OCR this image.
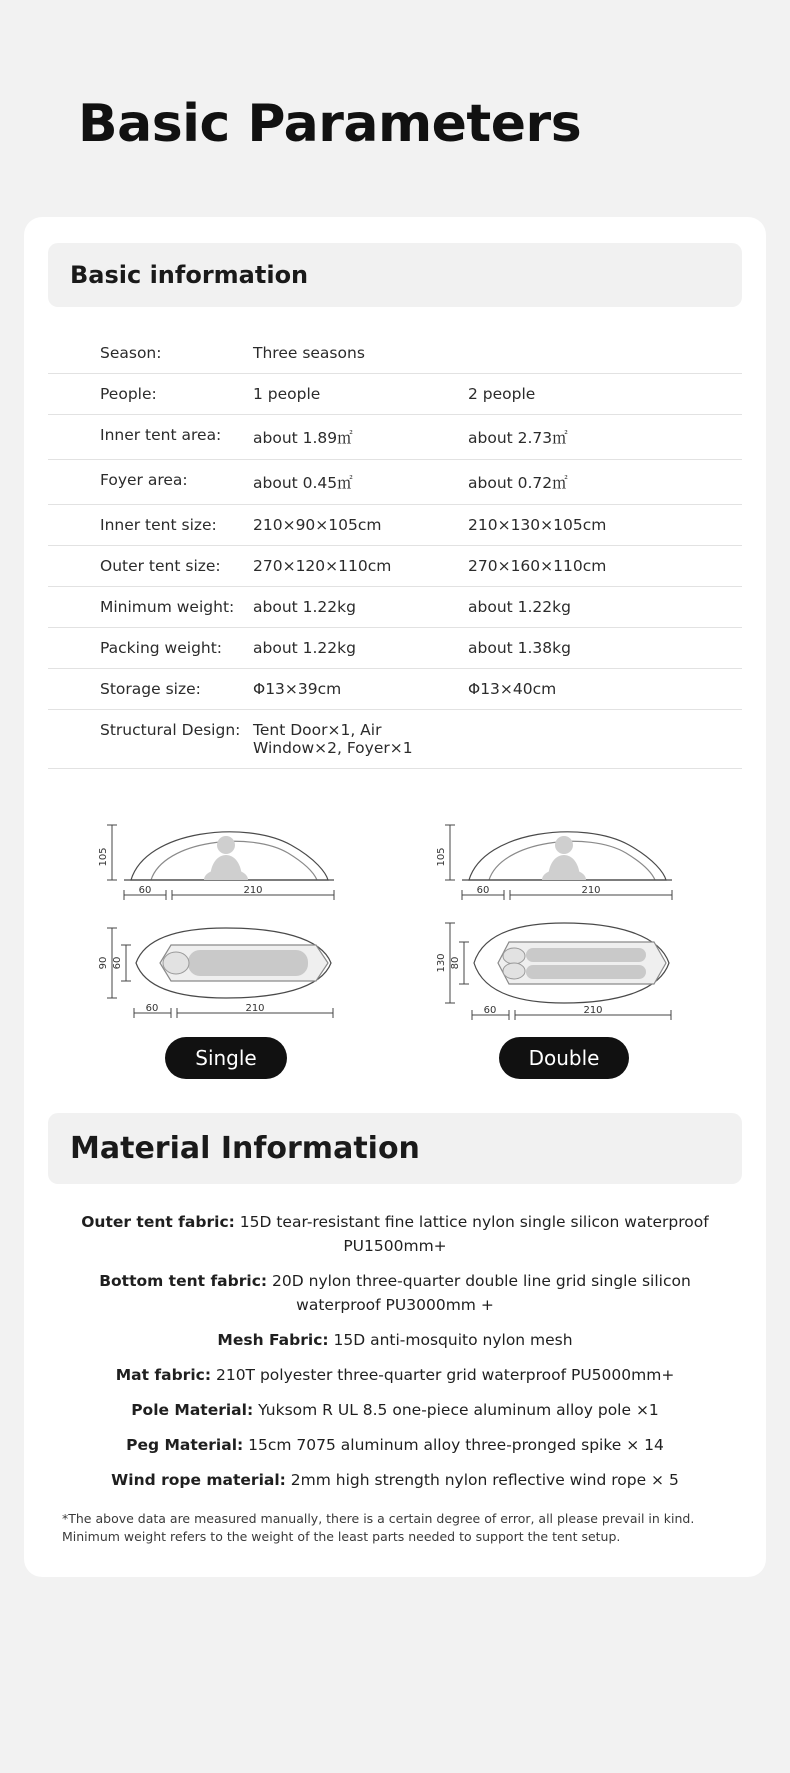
Basic Parameters
Basic information
Season:	Three seasons	
People:	1 people	2 people
Inner tent area:	about 1.89㎡	about 2.73㎡
Foyer area:	about 0.45㎡	about 0.72㎡
Inner tent size:	210×90×105cm	210×130×105cm
Outer tent size:	270×120×110cm	270×160×110cm
Minimum weight:	about 1.22kg	about 1.22kg
Packing weight:	about 1.22kg	about 1.38kg
Storage size:	Φ13×39cm	Φ13×40cm
Structural Design:	Tent Door×1, Air Window×2, Foyer×1	
105
60	210
90 60
60	210
Single
105
60	210
130 80
60	210
Double
Material Information
Outer tent fabric: 15D tear-resistant fine lattice nylon single silicon waterproof PU1500mm+
Bottom tent fabric: 20D nylon three-quarter double line grid single silicon waterproof PU3000mm +
Mesh Fabric: 15D anti-mosquito nylon mesh
Mat fabric: 210T polyester three-quarter grid waterproof PU5000mm+
Pole Material: Yuksom R UL 8.5 one-piece aluminum alloy pole ×1
Peg Material: 15cm 7075 aluminum alloy three-pronged spike × 14
Wind rope material: 2mm high strength nylon reflective wind rope × 5
*The above data are measured manually, there is a certain degree of error, all please prevail in kind. Minimum weight refers to the weight of the least parts needed to support the tent setup.
